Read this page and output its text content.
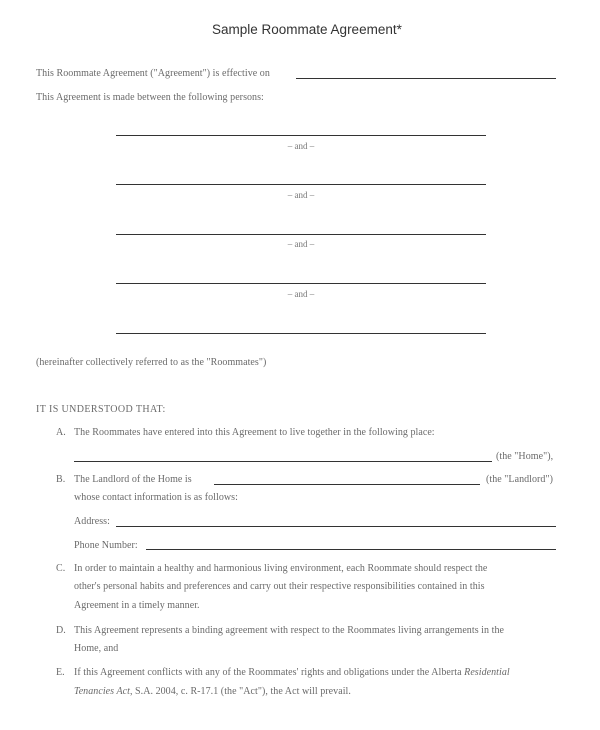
Sample Roommate Agreement*
This Roommate Agreement ("Agreement") is effective on
This Agreement is made between the following persons:
– and –
– and –
– and –
– and –
(hereinafter collectively referred to as the "Roommates")
IT IS UNDERSTOOD THAT:
A. The Roommates have entered into this Agreement to live together in the following place:
(the "Home"),
B. The Landlord of the Home is	(the "Landlord")
whose contact information is as follows:
Address:
Phone Number:
C. In order to maintain a healthy and harmonious living environment, each Roommate should respect the
other's personal habits and preferences and carry out their respective responsibilities contained in this
Agreement in a timely manner.
D. This Agreement represents a binding agreement with respect to the Roommates living arrangements in the
Home, and
E. If this Agreement conflicts with any of the Roommates' rights and obligations under the Alberta Residential
Tenancies Act, S.A. 2004, c. R-17.1 (the "Act"), the Act will prevail.
